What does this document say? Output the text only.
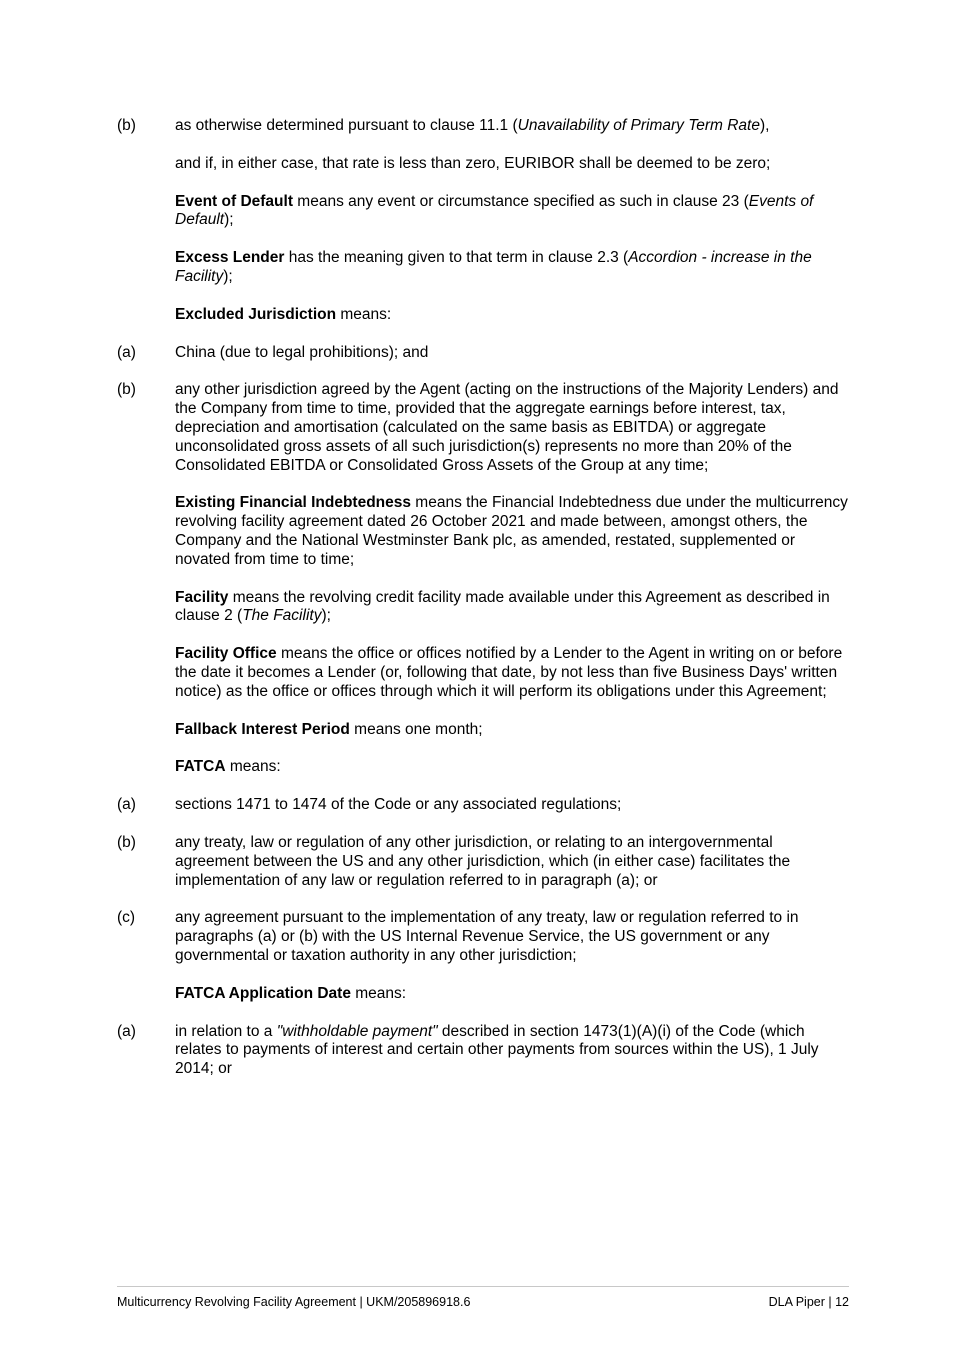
(b)	as otherwise determined pursuant to clause 11.1 (Unavailability of Primary Term Rate),

and if, in either case, that rate is less than zero, EURIBOR shall be deemed to be zero;

Event of Default means any event or circumstance specified as such in clause 23 (Events of Default);

Excess Lender has the meaning given to that term in clause 2.3 (Accordion - increase in the Facility);

Excluded Jurisdiction means:

(a)	China (due to legal prohibitions); and
(b)	any other jurisdiction agreed by the Agent (acting on the instructions of the Majority Lenders) and the Company from time to time, provided that the aggregate earnings before interest, tax, depreciation and amortisation (calculated on the same basis as EBITDA) or aggregate unconsolidated gross assets of all such jurisdiction(s) represents no more than 20% of the Consolidated EBITDA or Consolidated Gross Assets of the Group at any time;

Existing Financial Indebtedness means the Financial Indebtedness due under the multicurrency revolving facility agreement dated 26 October 2021 and made between, amongst others, the Company and the National Westminster Bank plc, as amended, restated, supplemented or novated from time to time;

Facility means the revolving credit facility made available under this Agreement as described in clause 2 (The Facility);

Facility Office means the office or offices notified by a Lender to the Agent in writing on or before the date it becomes a Lender (or, following that date, by not less than five Business Days' written notice) as the office or offices through which it will perform its obligations under this Agreement;

Fallback Interest Period means one month;

FATCA means:

(a)	sections 1471 to 1474 of the Code or any associated regulations;
(b)	any treaty, law or regulation of any other jurisdiction, or relating to an intergovernmental agreement between the US and any other jurisdiction, which (in either case) facilitates the implementation of any law or regulation referred to in paragraph (a); or
(c)	any agreement pursuant to the implementation of any treaty, law or regulation referred to in paragraphs (a) or (b) with the US Internal Revenue Service, the US government or any governmental or taxation authority in any other jurisdiction;

FATCA Application Date means:

(a)	in relation to a "withholdable payment" described in section 1473(1)(A)(i) of the Code (which relates to payments of interest and certain other payments from sources within the US), 1 July 2014; or
Multicurrency Revolving Facility Agreement | UKM/205896918.6	DLA Piper | 12
